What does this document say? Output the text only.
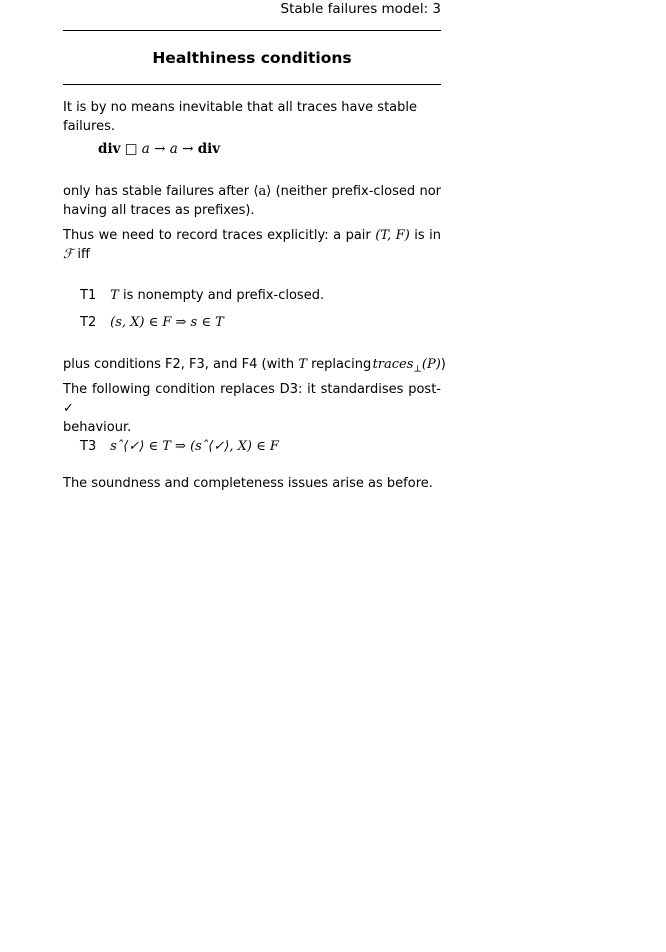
Stable failures model: 3
Healthiness conditions
It is by no means inevitable that all traces have stable failures.
div □ a → a → div
only has stable failures after ⟨a⟩ (neither prefix-closed nor
having all traces as prefixes).
Thus we need to record traces explicitly: a pair (T, F) is in
ℱ iff
T1 T is nonempty and prefix-closed.
T2 (s, X) ∈ F ⇒ s ∈ T
plus conditions F2, F3, and F4 (with T replacing traces$_\perp$(P))
The following condition replaces D3: it standardises post-✓
behaviour.
T3 sˆ⟨✓⟩ ∈ T ⇒ (sˆ⟨✓⟩, X) ∈ F
The soundness and completeness issues arise as before.
